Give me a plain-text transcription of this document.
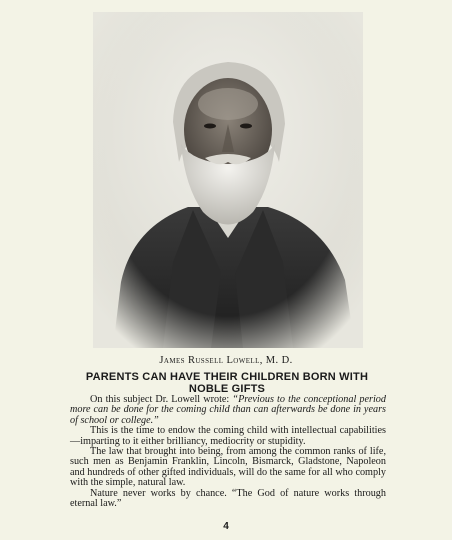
James Russell Lowell, M. D.
PARENTS CAN HAVE THEIR CHILDREN BORN WITH
NOBLE GIFTS

On this subject Dr. Lowell wrote: “Previous to the conceptional period more can be done for the coming child than can afterwards be done in years of school or college.”

This is the time to endow the coming child with intellectual capabilities—imparting to it either brilliancy, mediocrity or stupidity.

The law that brought into being, from among the common ranks of life, such men as Benjamin Franklin, Lincoln, Bismarck, Gladstone, Napoleon and hundreds of other gifted individuals, will do the same for all who comply with the simple, natural law.

Nature never works by chance. “The God of nature works through eternal law.”

4
